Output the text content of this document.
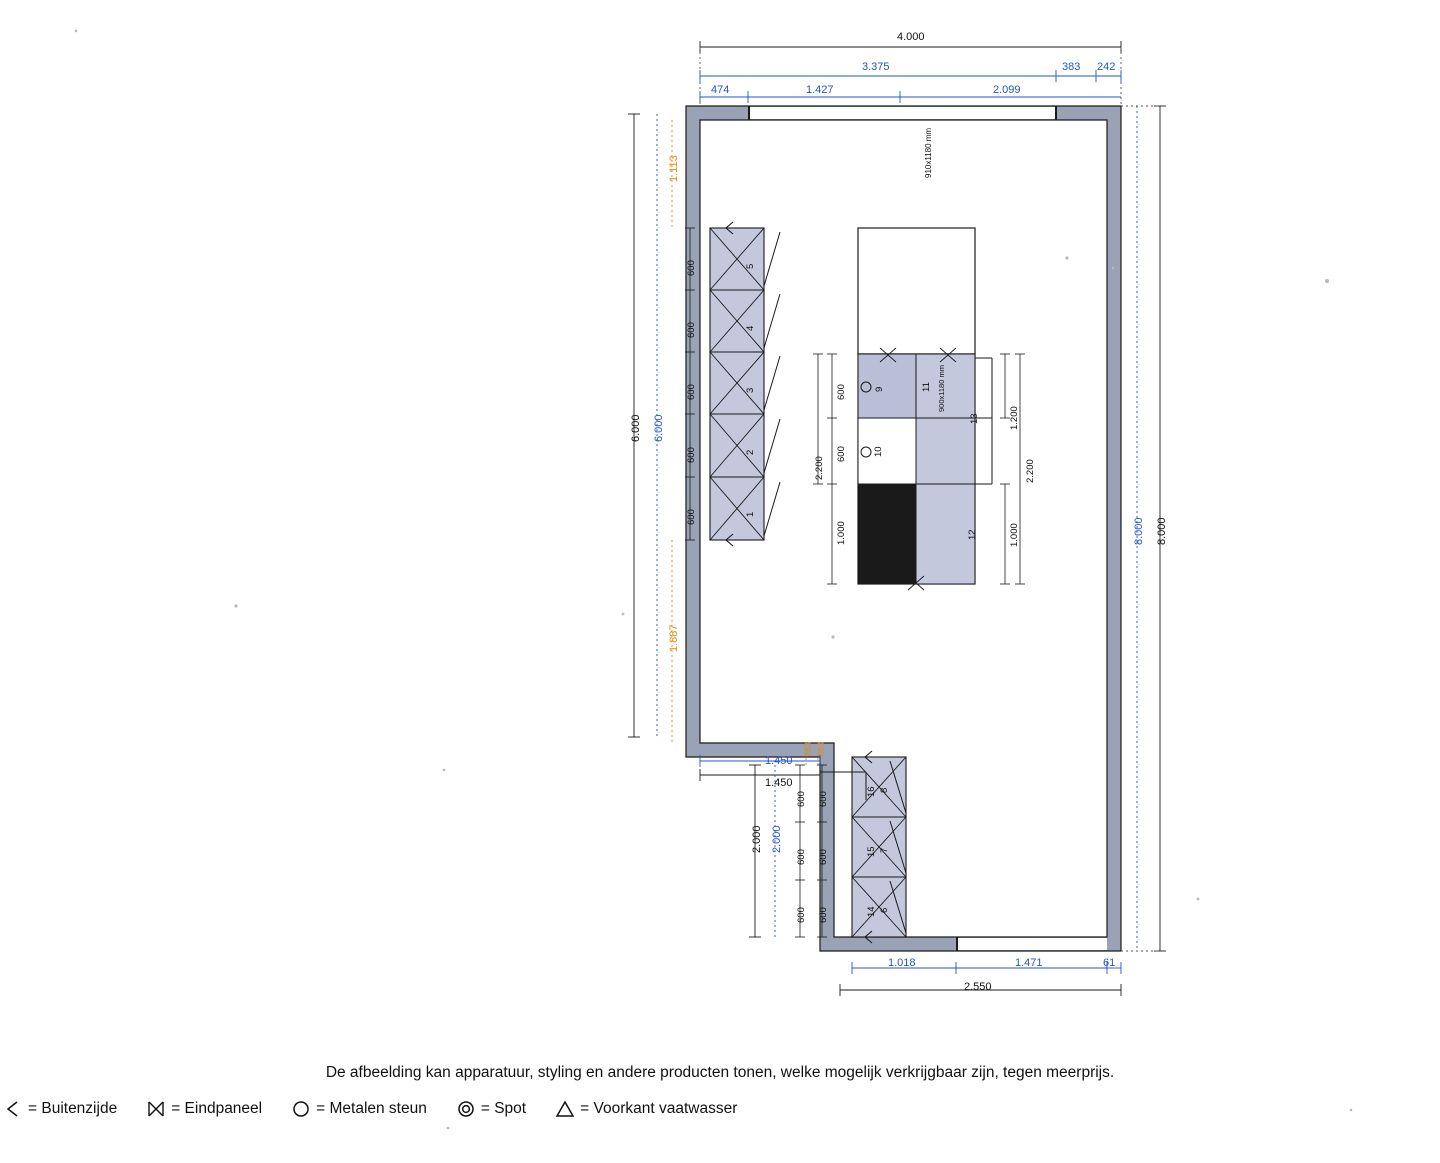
4.000
3.375	383 242
474	1.427	2.099
6.000 6.000
1.113
1.887
600
600
600
600
600
1
2
3
4
5
910x1180 mm
600
600
2.200
1.000
1.200
2.200
1.000
9	11
13
10
12
900x1180 mm
263 263
1.450
1.450
2.000 2.000
600
600
600
600
600
600	16 8
15 7
14 6
8.000
8.000
1.018	1.471	61
2.550
De afbeelding kan apparatuur, styling en andere producten tonen, welke mogelijk verkrijgbaar zijn, tegen meerprijs.
= Buitenzijde	= Eindpaneel	= Metalen steun	= Spot	= Voorkant vaatwasser
